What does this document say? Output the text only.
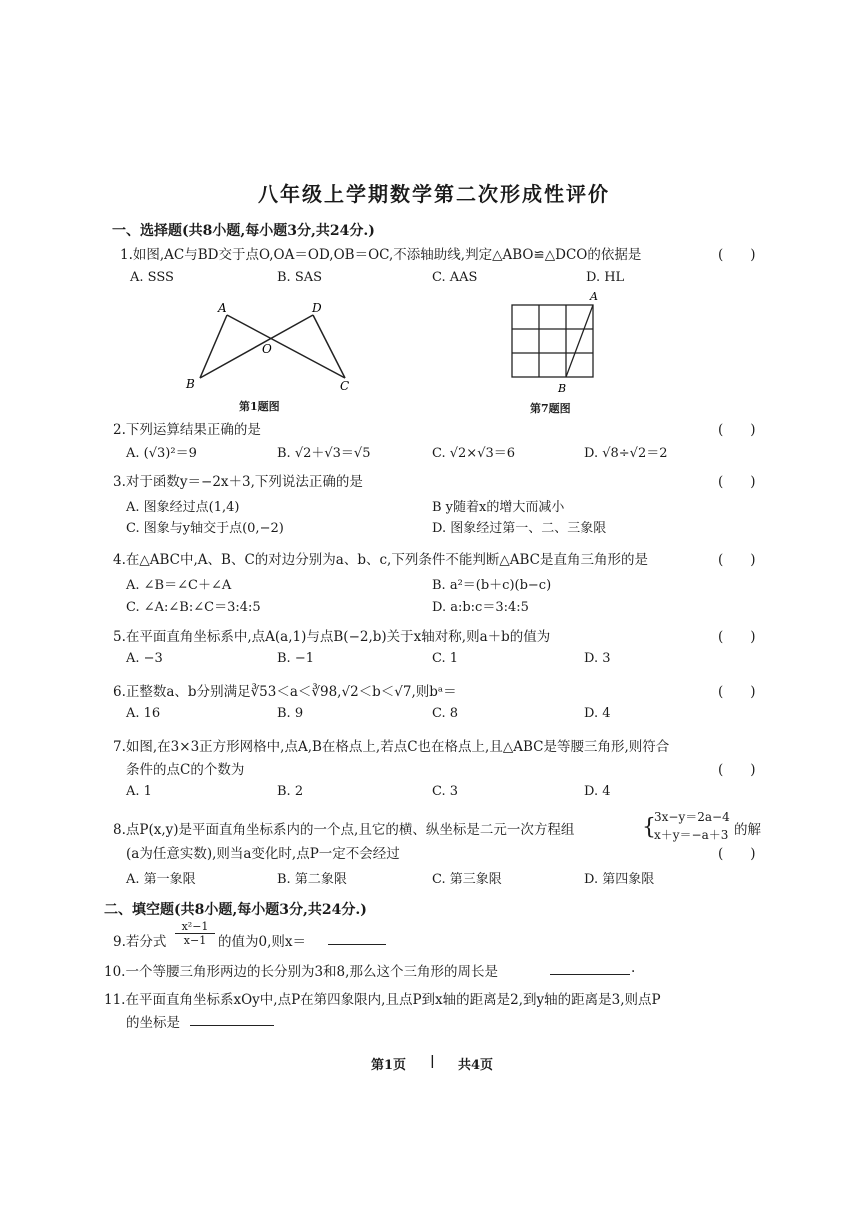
八年级上学期数学第二次形成性评价
一、选择题(共8小题,每小题3分,共24分.)
1.如图,AC与BD交于点O,OA＝OD,OB＝OC,不添轴助线,判定△ABO≌△DCO的依据是	(　　)
A. SSS	B. SAS	C. AAS	D. HL
A	D
O
B	C
第1题图
A
B
第7题图
2.下列运算结果正确的是	(　　)
A. (√3)²＝9	B. √2＋√3＝√5	C. √2×√3＝6	D. √8÷√2＝2
3.对于函数y＝−2x＋3,下列说法正确的是	(　　)
A. 图象经过点(1,4)	B y随着x的增大而减小
C. 图象与y轴交于点(0,−2)	D. 图象经过第一、二、三象限
4.在△ABC中,A、B、C的对边分别为a、b、c,下列条件不能判断△ABC是直角三角形的是	(　　)
A. ∠B＝∠C＋∠A	B. a²＝(b＋c)(b−c)
C. ∠A:∠B:∠C＝3:4:5	D. a:b:c＝3:4:5
5.在平面直角坐标系中,点A(a,1)与点B(−2,b)关于x轴对称,则a＋b的值为	(　　)
A. −3	B. −1	C. 1	D. 3
6.正整数a、b分别满足∛53＜a＜∛98,√2＜b＜√7,则bᵃ＝	(　　)
A. 16	B. 9	C. 8	D. 4
7.如图,在3×3正方形网格中,点A,B在格点上,若点C也在格点上,且△ABC是等腰三角形,则符合
条件的点C的个数为	(　　)
A. 1	B. 2	C. 3	D. 4
8.点P(x,y)是平面直角坐标系内的一个点,且它的横、纵坐标是二元一次方程组	{
3x−y＝2a−4
x＋y＝−a＋3 的解
(a为任意实数),则当a变化时,点P一定不会经过	(　　)
A. 第一象限	B. 第二象限	C. 第三象限	D. 第四象限
二、填空题(共8小题,每小题3分,共24分.)
9.若分式 $\frac{\text{x²−1}}{x-1}$ 的值为0,则x＝
10.一个等腰三角形两边的长分别为3和8,那么这个三角形的周长是	.
11.在平面直角坐标系xOy中,点P在第四象限内,且点P到x轴的距离是2,到y轴的距离是3,则点P
的坐标是
第1页 | 共4页
